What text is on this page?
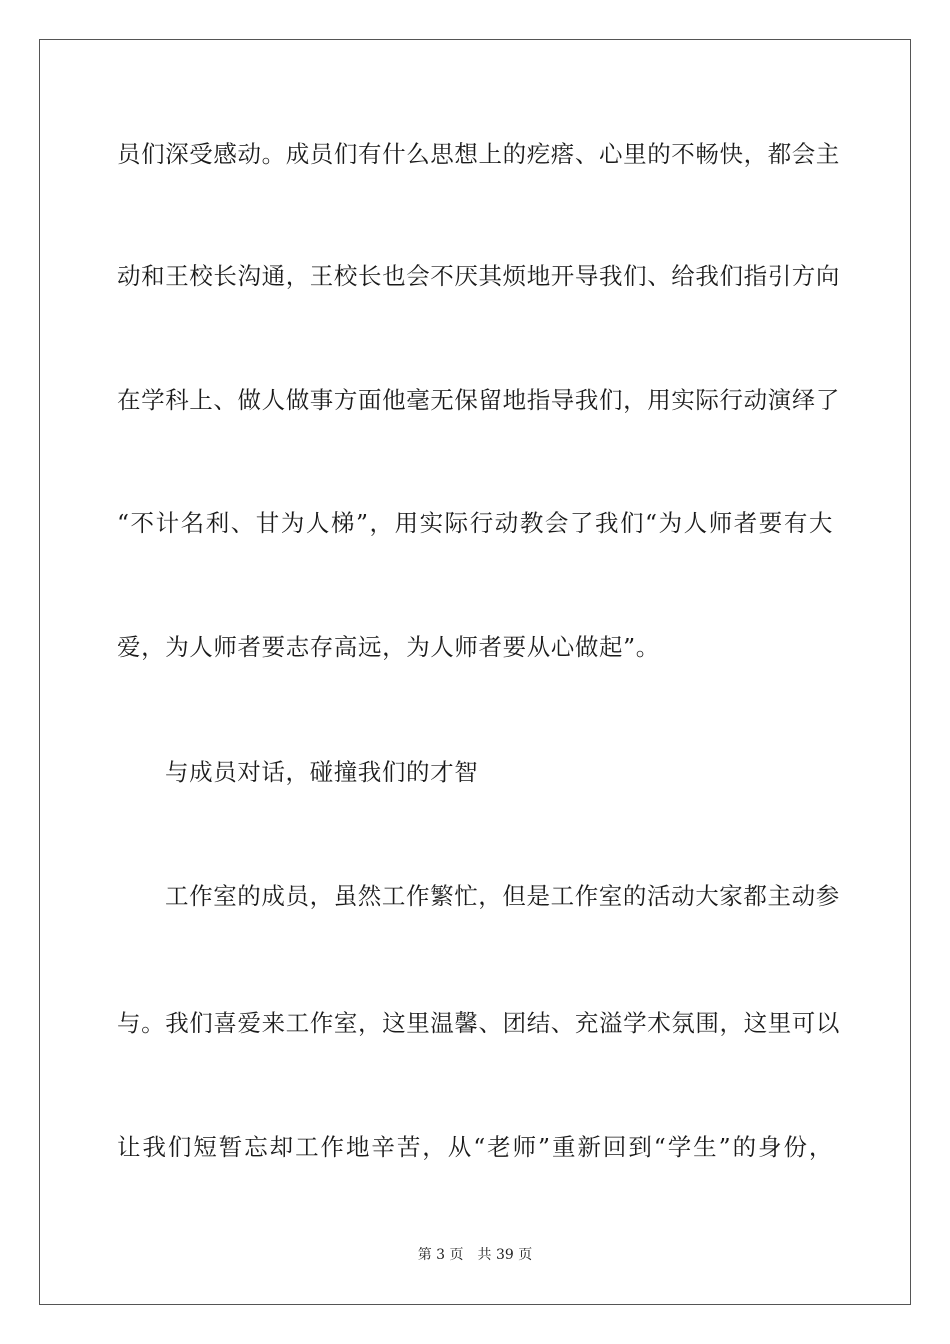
员们深受感动。成员们有什么思想上的疙瘩、心里的不畅快，都会主
动和王校长沟通，王校长也会不厌其烦地开导我们、给我们指引方向
在学科上、做人做事方面他毫无保留地指导我们，用实际行动演绎了
“不计名利、甘为人梯”，用实际行动教会了我们“为人师者要有大
爱，为人师者要志存高远，为人师者要从心做起”。
与成员对话，碰撞我们的才智
工作室的成员，虽然工作繁忙，但是工作室的活动大家都主动参
与。我们喜爱来工作室，这里温馨、团结、充溢学术氛围，这里可以
让我们短暂忘却工作地辛苦，从“老师”重新回到“学生”的身份，
第 3 页 共 39 页
